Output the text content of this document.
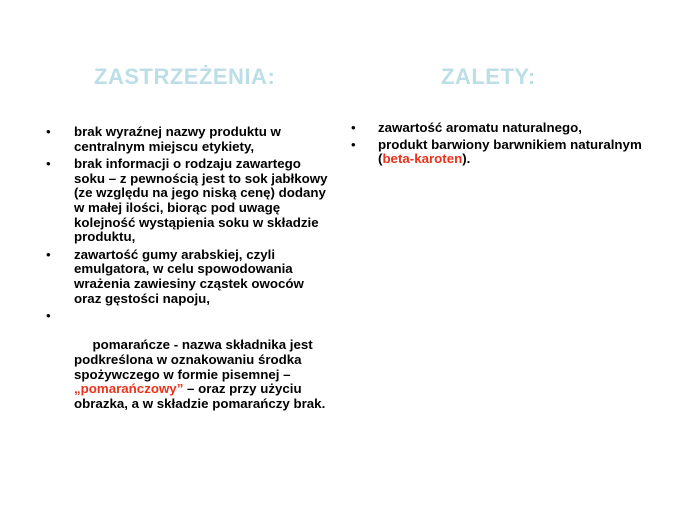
ZASTRZEŻENIA:	ZALETY:
• brak wyraźnej nazwy produktu w centralnym miejscu etykiety,
• brak informacji o rodzaju zawartego soku – z pewnością jest to sok jabłkowy (ze względu na jego niską cenę) dodany w małej ilości, biorąc pod uwagę kolejność wystąpienia soku w składzie produktu,
• zawartość gumy arabskiej, czyli emulgatora, w celu spowodowania wrażenia zawiesiny cząstek owoców oraz gęstości napoju,

•

pomarańcze - nazwa składnika jest podkreślona w oznakowaniu środka spożywczego w formie pisemnej – „pomarańczowy” – oraz przy użyciu obrazka, a w składzie pomarańczy brak.

• zawartość aromatu naturalnego,
• produkt barwiony barwnikiem naturalnym (beta-karoten).
